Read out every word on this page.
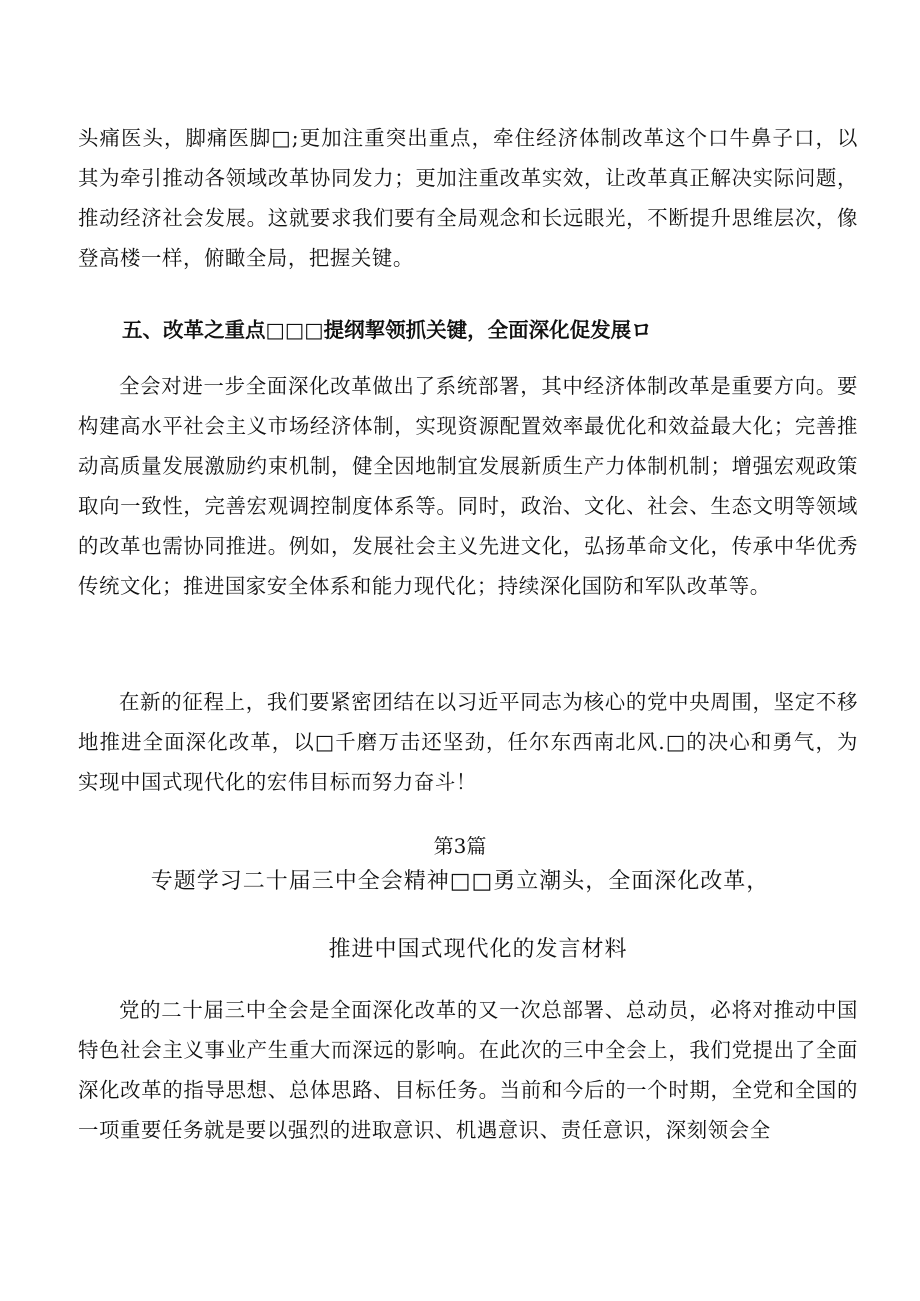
头痛医头，脚痛医脚□;更加注重突出重点，牵住经济体制改革这个口牛鼻子口，以其为牵引推动各领域改革协同发力；更加注重改革实效，让改革真正解决实际问题，推动经济社会发展。这就要求我们要有全局观念和长远眼光，不断提升思维层次，像登高楼一样，俯瞰全局，把握关键。

五、改革之重点□□□提纲挈领抓关键，全面深化促发展ロ

全会对进一步全面深化改革做出了系统部署，其中经济体制改革是重要方向。要构建高水平社会主义市场经济体制，实现资源配置效率最优化和效益最大化；完善推动高质量发展激励约束机制，健全因地制宜发展新质生产力体制机制；增强宏观政策取向一致性，完善宏观调控制度体系等。同时，政治、文化、社会、生态文明等领域的改革也需协同推进。例如，发展社会主义先进文化，弘扬革命文化，传承中华优秀传统文化；推进国家安全体系和能力现代化；持续深化国防和军队改革等。

在新的征程上，我们要紧密团结在以习近平同志为核心的党中央周围，坚定不移地推进全面深化改革，以□千磨万击还坚劲，任尔东西南北风.□的决心和勇气，为实现中国式现代化的宏伟目标而努力奋斗！

第3篇

专题学习二十届三中全会精神□□勇立潮头，全面深化改革，

推进中国式现代化的发言材料

党的二十届三中全会是全面深化改革的又一次总部署、总动员，必将对推动中国特色社会主义事业产生重大而深远的影响。在此次的三中全会上，我们党提出了全面深化改革的指导思想、总体思路、目标任务。当前和今后的一个时期，全党和全国的一项重要任务就是要以强烈的进取意识、机遇意识、责任意识，深刻领会全
